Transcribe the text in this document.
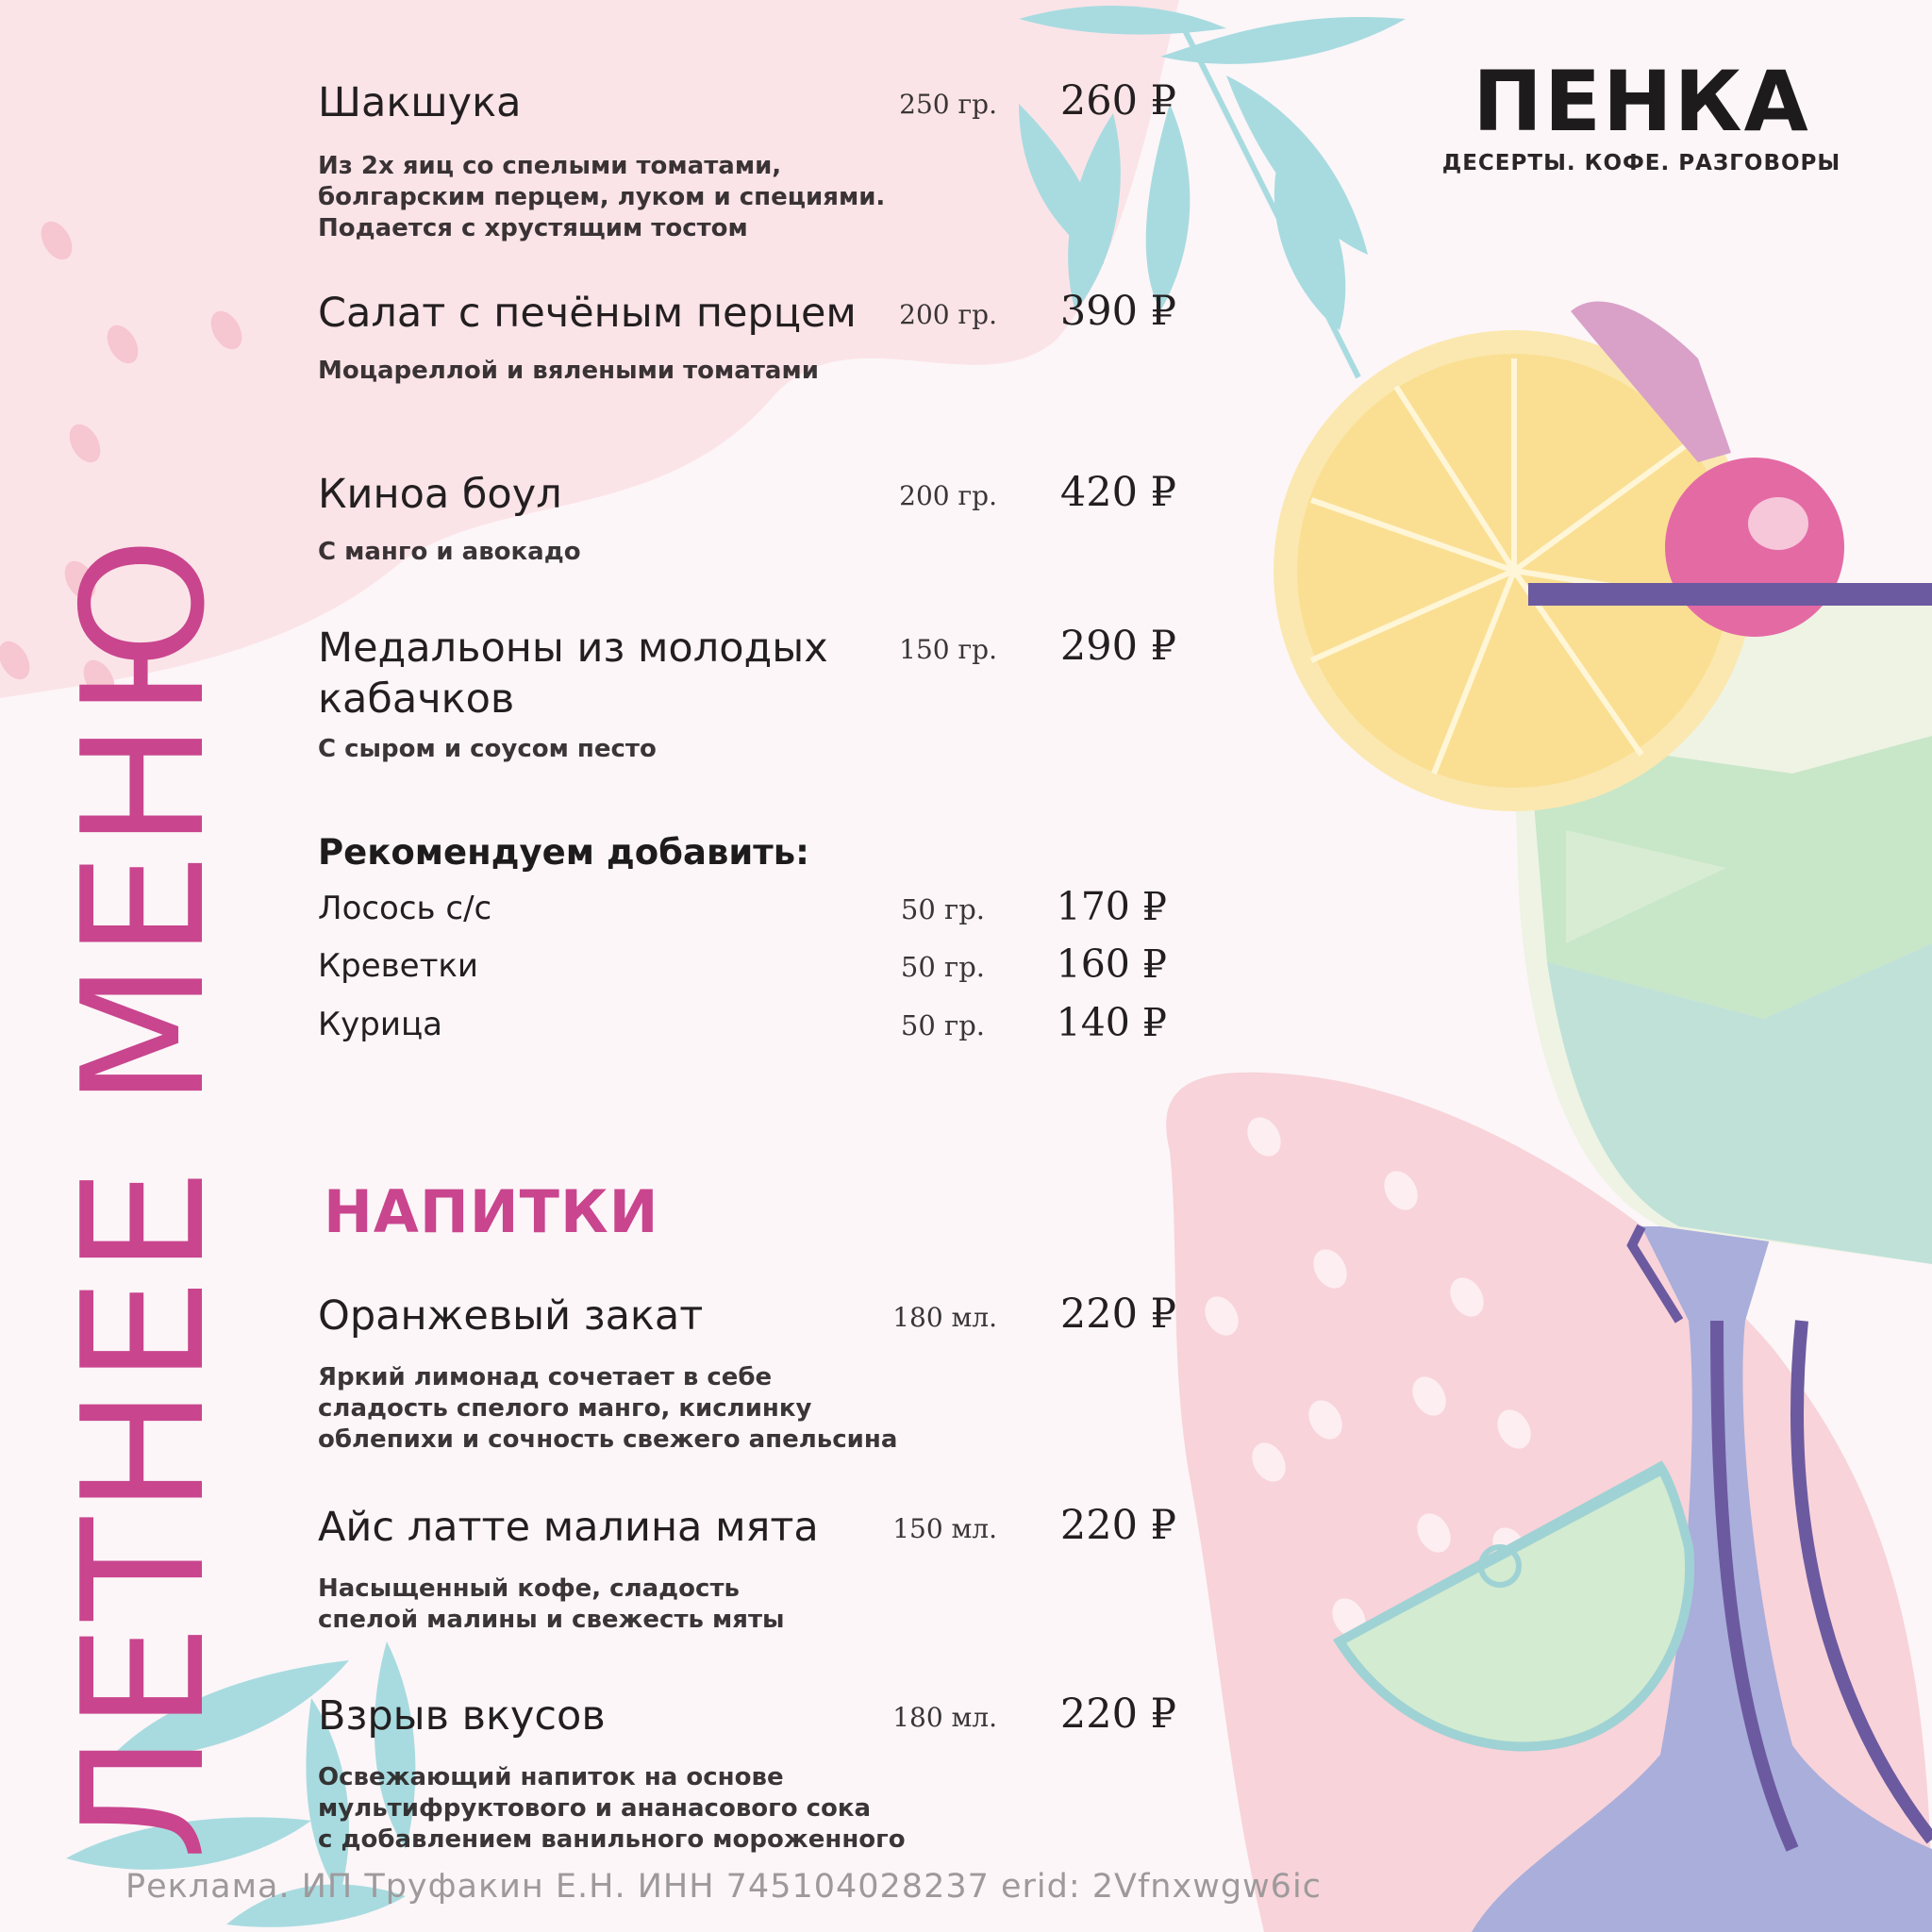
ЛЕТНЕЕ МЕНЮ
ПЕНКА
ДЕСЕРТЫ. КОФЕ. РАЗГОВОРЫ
Шакшука	250 гр. 260 ₽
Из 2х яиц со спелыми томатами,
болгарским перцем, луком и специями.
Подается с хрустящим тостом
Салат с печёным перцем	200 гр. 390 ₽
Моцареллой и вялеными томатами
Киноа боул	200 гр. 420 ₽
С манго и авокадо
Медальоны из молодых
кабачков
150 гр. 290 ₽
С сыром и соусом песто
Рекомендуем добавить:
Лосось с/с	50 гр. 170 ₽
Креветки	50 гр. 160 ₽
Курица	50 гр. 140 ₽
НАПИТКИ
Оранжевый закат	180 мл. 220 ₽
Яркий лимонад сочетает в себе
сладость спелого манго, кислинку
облепихи и сочность свежего апельсина
Айс латте малина мята	150 мл. 220 ₽
Насыщенный кофе, сладость
спелой малины и свежесть мяты
Взрыв вкусов	180 мл. 220 ₽
Освежающий напиток на основе
мультифруктового и ананасового сока
с добавлением ванильного мороженного
Реклама. ИП Труфакин Е.Н. ИНН 745104028237 erid: 2Vfnxwgw6ic
